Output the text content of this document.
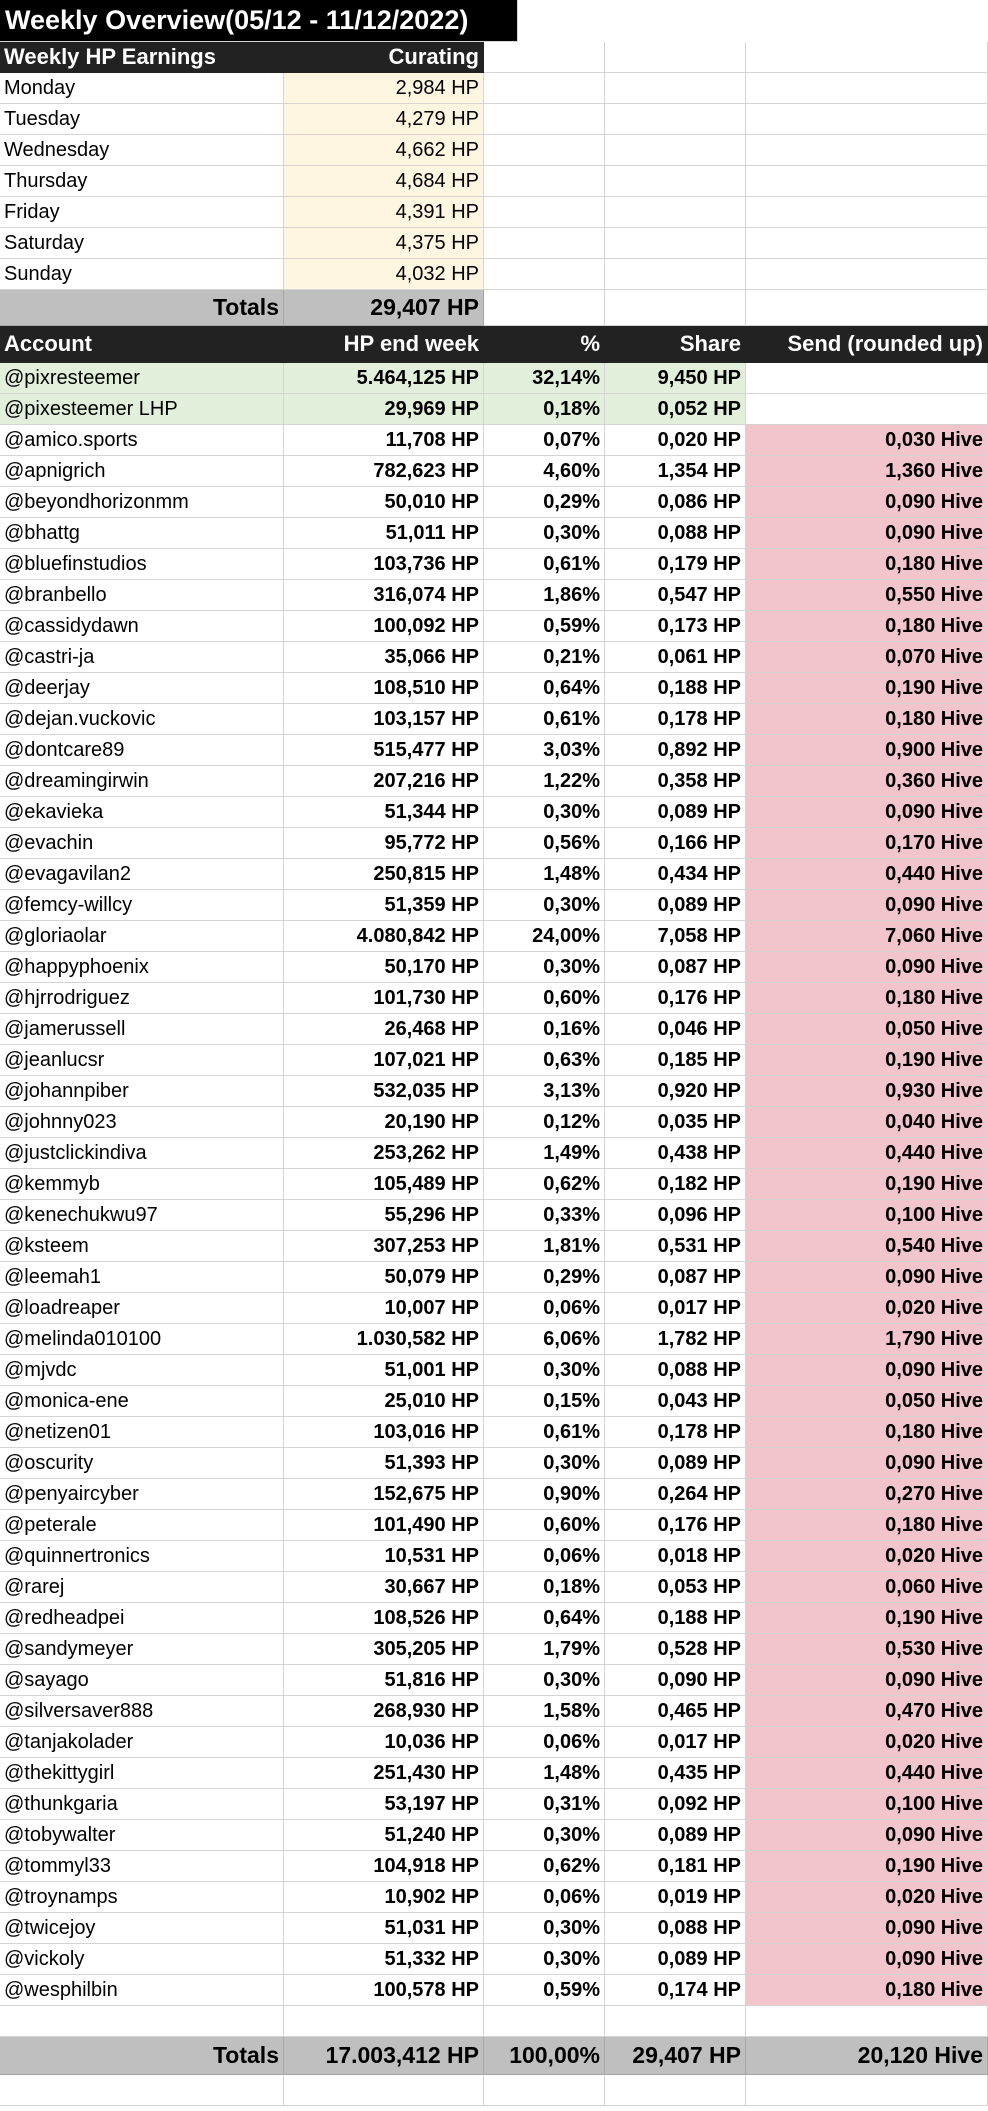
Weekly Overview(05/12 - 11/12/2022)
Weekly HP Earnings	Curating
Monday	2,984 HP
Tuesday	4,279 HP
Wednesday	4,662 HP
Thursday	4,684 HP
Friday	4,391 HP
Saturday	4,375 HP
Sunday	4,032 HP
Totals	29,407 HP
Account	HP end week	%	Share	Send (rounded up)
@pixresteemer	5.464,125 HP	32,14%	9,450 HP
@pixesteemer LHP	29,969 HP	0,18%	0,052 HP
@amico.sports	11,708 HP	0,07%	0,020 HP	0,030 Hive
@apnigrich	782,623 HP	4,60%	1,354 HP	1,360 Hive
@beyondhorizonmm	50,010 HP	0,29%	0,086 HP	0,090 Hive
@bhattg	51,011 HP	0,30%	0,088 HP	0,090 Hive
@bluefinstudios	103,736 HP	0,61%	0,179 HP	0,180 Hive
@branbello	316,074 HP	1,86%	0,547 HP	0,550 Hive
@cassidydawn	100,092 HP	0,59%	0,173 HP	0,180 Hive
@castri-ja	35,066 HP	0,21%	0,061 HP	0,070 Hive
@deerjay	108,510 HP	0,64%	0,188 HP	0,190 Hive
@dejan.vuckovic	103,157 HP	0,61%	0,178 HP	0,180 Hive
@dontcare89	515,477 HP	3,03%	0,892 HP	0,900 Hive
@dreamingirwin	207,216 HP	1,22%	0,358 HP	0,360 Hive
@ekavieka	51,344 HP	0,30%	0,089 HP	0,090 Hive
@evachin	95,772 HP	0,56%	0,166 HP	0,170 Hive
@evagavilan2	250,815 HP	1,48%	0,434 HP	0,440 Hive
@femcy-willcy	51,359 HP	0,30%	0,089 HP	0,090 Hive
@gloriaolar	4.080,842 HP	24,00%	7,058 HP	7,060 Hive
@happyphoenix	50,170 HP	0,30%	0,087 HP	0,090 Hive
@hjrrodriguez	101,730 HP	0,60%	0,176 HP	0,180 Hive
@jamerussell	26,468 HP	0,16%	0,046 HP	0,050 Hive
@jeanlucsr	107,021 HP	0,63%	0,185 HP	0,190 Hive
@johannpiber	532,035 HP	3,13%	0,920 HP	0,930 Hive
@johnny023	20,190 HP	0,12%	0,035 HP	0,040 Hive
@justclickindiva	253,262 HP	1,49%	0,438 HP	0,440 Hive
@kemmyb	105,489 HP	0,62%	0,182 HP	0,190 Hive
@kenechukwu97	55,296 HP	0,33%	0,096 HP	0,100 Hive
@ksteem	307,253 HP	1,81%	0,531 HP	0,540 Hive
@leemah1	50,079 HP	0,29%	0,087 HP	0,090 Hive
@loadreaper	10,007 HP	0,06%	0,017 HP	0,020 Hive
@melinda010100	1.030,582 HP	6,06%	1,782 HP	1,790 Hive
@mjvdc	51,001 HP	0,30%	0,088 HP	0,090 Hive
@monica-ene	25,010 HP	0,15%	0,043 HP	0,050 Hive
@netizen01	103,016 HP	0,61%	0,178 HP	0,180 Hive
@oscurity	51,393 HP	0,30%	0,089 HP	0,090 Hive
@penyaircyber	152,675 HP	0,90%	0,264 HP	0,270 Hive
@peterale	101,490 HP	0,60%	0,176 HP	0,180 Hive
@quinnertronics	10,531 HP	0,06%	0,018 HP	0,020 Hive
@rarej	30,667 HP	0,18%	0,053 HP	0,060 Hive
@redheadpei	108,526 HP	0,64%	0,188 HP	0,190 Hive
@sandymeyer	305,205 HP	1,79%	0,528 HP	0,530 Hive
@sayago	51,816 HP	0,30%	0,090 HP	0,090 Hive
@silversaver888	268,930 HP	1,58%	0,465 HP	0,470 Hive
@tanjakolader	10,036 HP	0,06%	0,017 HP	0,020 Hive
@thekittygirl	251,430 HP	1,48%	0,435 HP	0,440 Hive
@thunkgaria	53,197 HP	0,31%	0,092 HP	0,100 Hive
@tobywalter	51,240 HP	0,30%	0,089 HP	0,090 Hive
@tommyl33	104,918 HP	0,62%	0,181 HP	0,190 Hive
@troynamps	10,902 HP	0,06%	0,019 HP	0,020 Hive
@twicejoy	51,031 HP	0,30%	0,088 HP	0,090 Hive
@vickoly	51,332 HP	0,30%	0,089 HP	0,090 Hive
@wesphilbin	100,578 HP	0,59%	0,174 HP	0,180 Hive
Totals	17.003,412 HP	100,00%	29,407 HP	20,120 Hive
